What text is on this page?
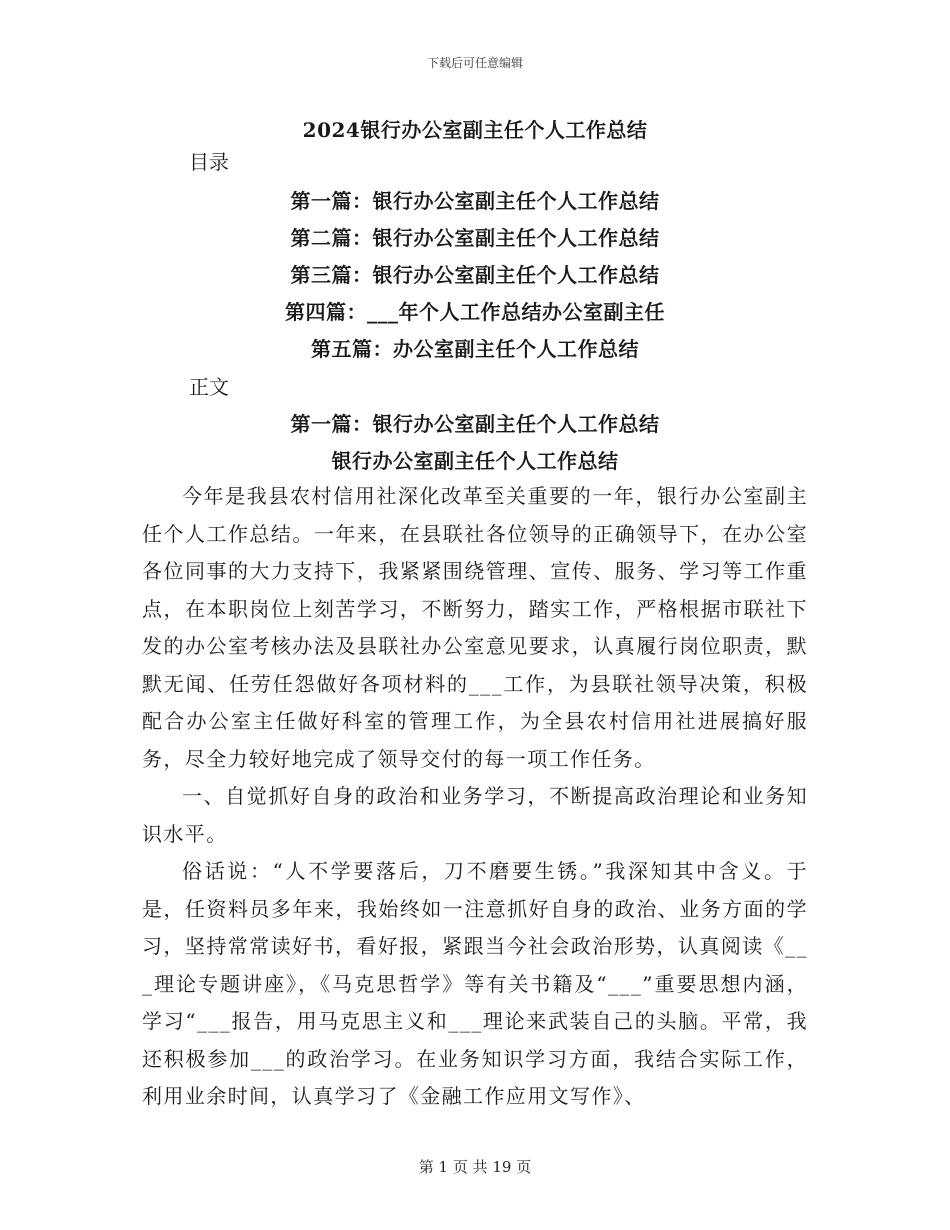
下载后可任意编辑
2024银行办公室副主任个人工作总结
目录
第一篇：银行办公室副主任个人工作总结
第二篇：银行办公室副主任个人工作总结
第三篇：银行办公室副主任个人工作总结
第四篇：___年个人工作总结办公室副主任
第五篇：办公室副主任个人工作总结
正文
第一篇：银行办公室副主任个人工作总结
银行办公室副主任个人工作总结

今年是我县农村信用社深化改革至关重要的一年，银行办公室副主任个人工作总结。一年来，在县联社各位领导的正确领导下，在办公室各位同事的大力支持下，我紧紧围绕管理、宣传、服务、学习等工作重点，在本职岗位上刻苦学习，不断努力，踏实工作，严格根据市联社下发的办公室考核办法及县联社办公室意见要求，认真履行岗位职责，默默无闻、任劳任怨做好各项材料的___工作，为县联社领导决策，积极配合办公室主任做好科室的管理工作，为全县农村信用社进展搞好服务，尽全力较好地完成了领导交付的每一项工作任务。

一、自觉抓好自身的政治和业务学习，不断提高政治理论和业务知识水平。

俗话说：“人不学要落后，刀不磨要生锈。”我深知其中含义。于是，任资料员多年来，我始终如一注意抓好自身的政治、业务方面的学习，坚持常常读好书，看好报，紧跟当今社会政治形势，认真阅读《___理论专题讲座》，《马克思哲学》等有关书籍及“___”重要思想内涵，学习“___报告，用马克思主义和___理论来武装自己的头脑。平常，我还积极参加___的政治学习。在业务知识学习方面，我结合实际工作，利用业余时间，认真学习了《金融工作应用文写作》、

第 1 页 共 19 页
